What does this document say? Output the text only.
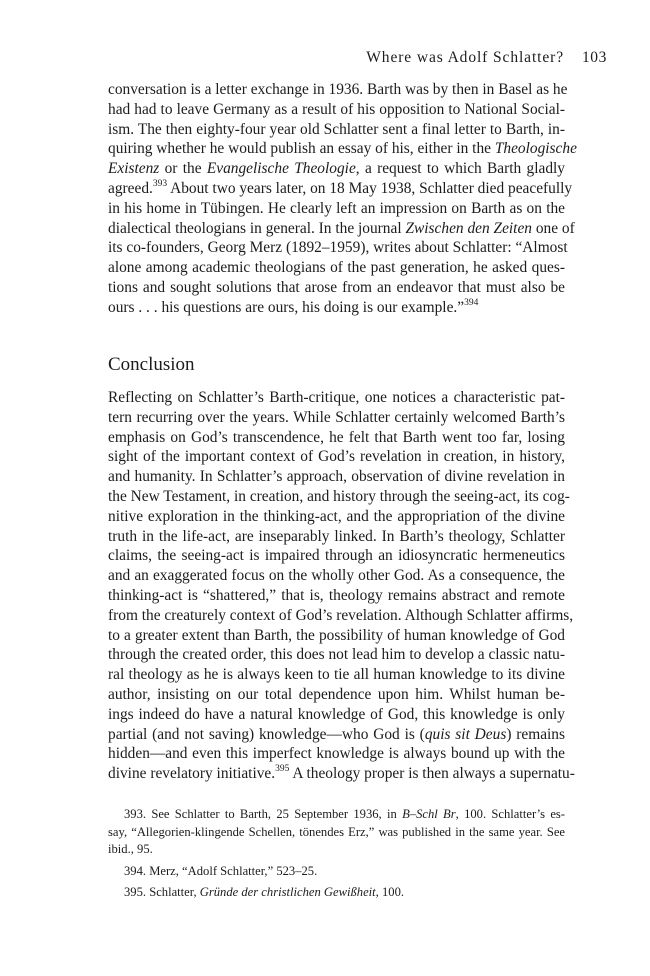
Where was Adolf Schlatter? 103
conversation is a letter exchange in 1936. Barth was by then in Basel as he
had had to leave Germany as a result of his opposition to National Social-
ism. The then eighty-four year old Schlatter sent a final letter to Barth, in-
quiring whether he would publish an essay of his, either in the Theologische
Existenz or the Evangelische Theologie, a request to which Barth gladly
agreed.$^{393}$ About two years later, on 18 May 1938, Schlatter died peacefully
in his home in Tübingen. He clearly left an impression on Barth as on the
dialectical theologians in general. In the journal Zwischen den Zeiten one of
its co-founders, Georg Merz (1892–1959), writes about Schlatter: “Almost
alone among academic theologians of the past generation, he asked ques-
tions and sought solutions that arose from an endeavor that must also be
ours . . . his questions are ours, his doing is our example.”$^{394}$
Conclusion
Reflecting on Schlatter’s Barth-critique, one notices a characteristic pat-
tern recurring over the years. While Schlatter certainly welcomed Barth’s
emphasis on God’s transcendence, he felt that Barth went too far, losing
sight of the important context of God’s revelation in creation, in history,
and humanity. In Schlatter’s approach, observation of divine revelation in
the New Testament, in creation, and history through the seeing-act, its cog-
nitive exploration in the thinking-act, and the appropriation of the divine
truth in the life-act, are inseparably linked. In Barth’s theology, Schlatter
claims, the seeing-act is impaired through an idiosyncratic hermeneutics
and an exaggerated focus on the wholly other God. As a consequence, the
thinking-act is “shattered,” that is, theology remains abstract and remote
from the creaturely context of God’s revelation. Although Schlatter affirms,
to a greater extent than Barth, the possibility of human knowledge of God
through the created order, this does not lead him to develop a classic natu-
ral theology as he is always keen to tie all human knowledge to its divine
author, insisting on our total dependence upon him. Whilst human be-
ings indeed do have a natural knowledge of God, this knowledge is only
partial (and not saving) knowledge—who God is (quis sit Deus) remains
hidden—and even this imperfect knowledge is always bound up with the
divine revelatory initiative.$^{395}$ A theology proper is then always a supernatu-
393. See Schlatter to Barth, 25 September 1936, in B–Schl Br, 100. Schlatter’s es-
say, “Allegorien-klingende Schellen, tönendes Erz,” was published in the same year. See
ibid., 95.
394. Merz, “Adolf Schlatter,” 523–25.
395. Schlatter, Gründe der christlichen Gewißheit, 100.
